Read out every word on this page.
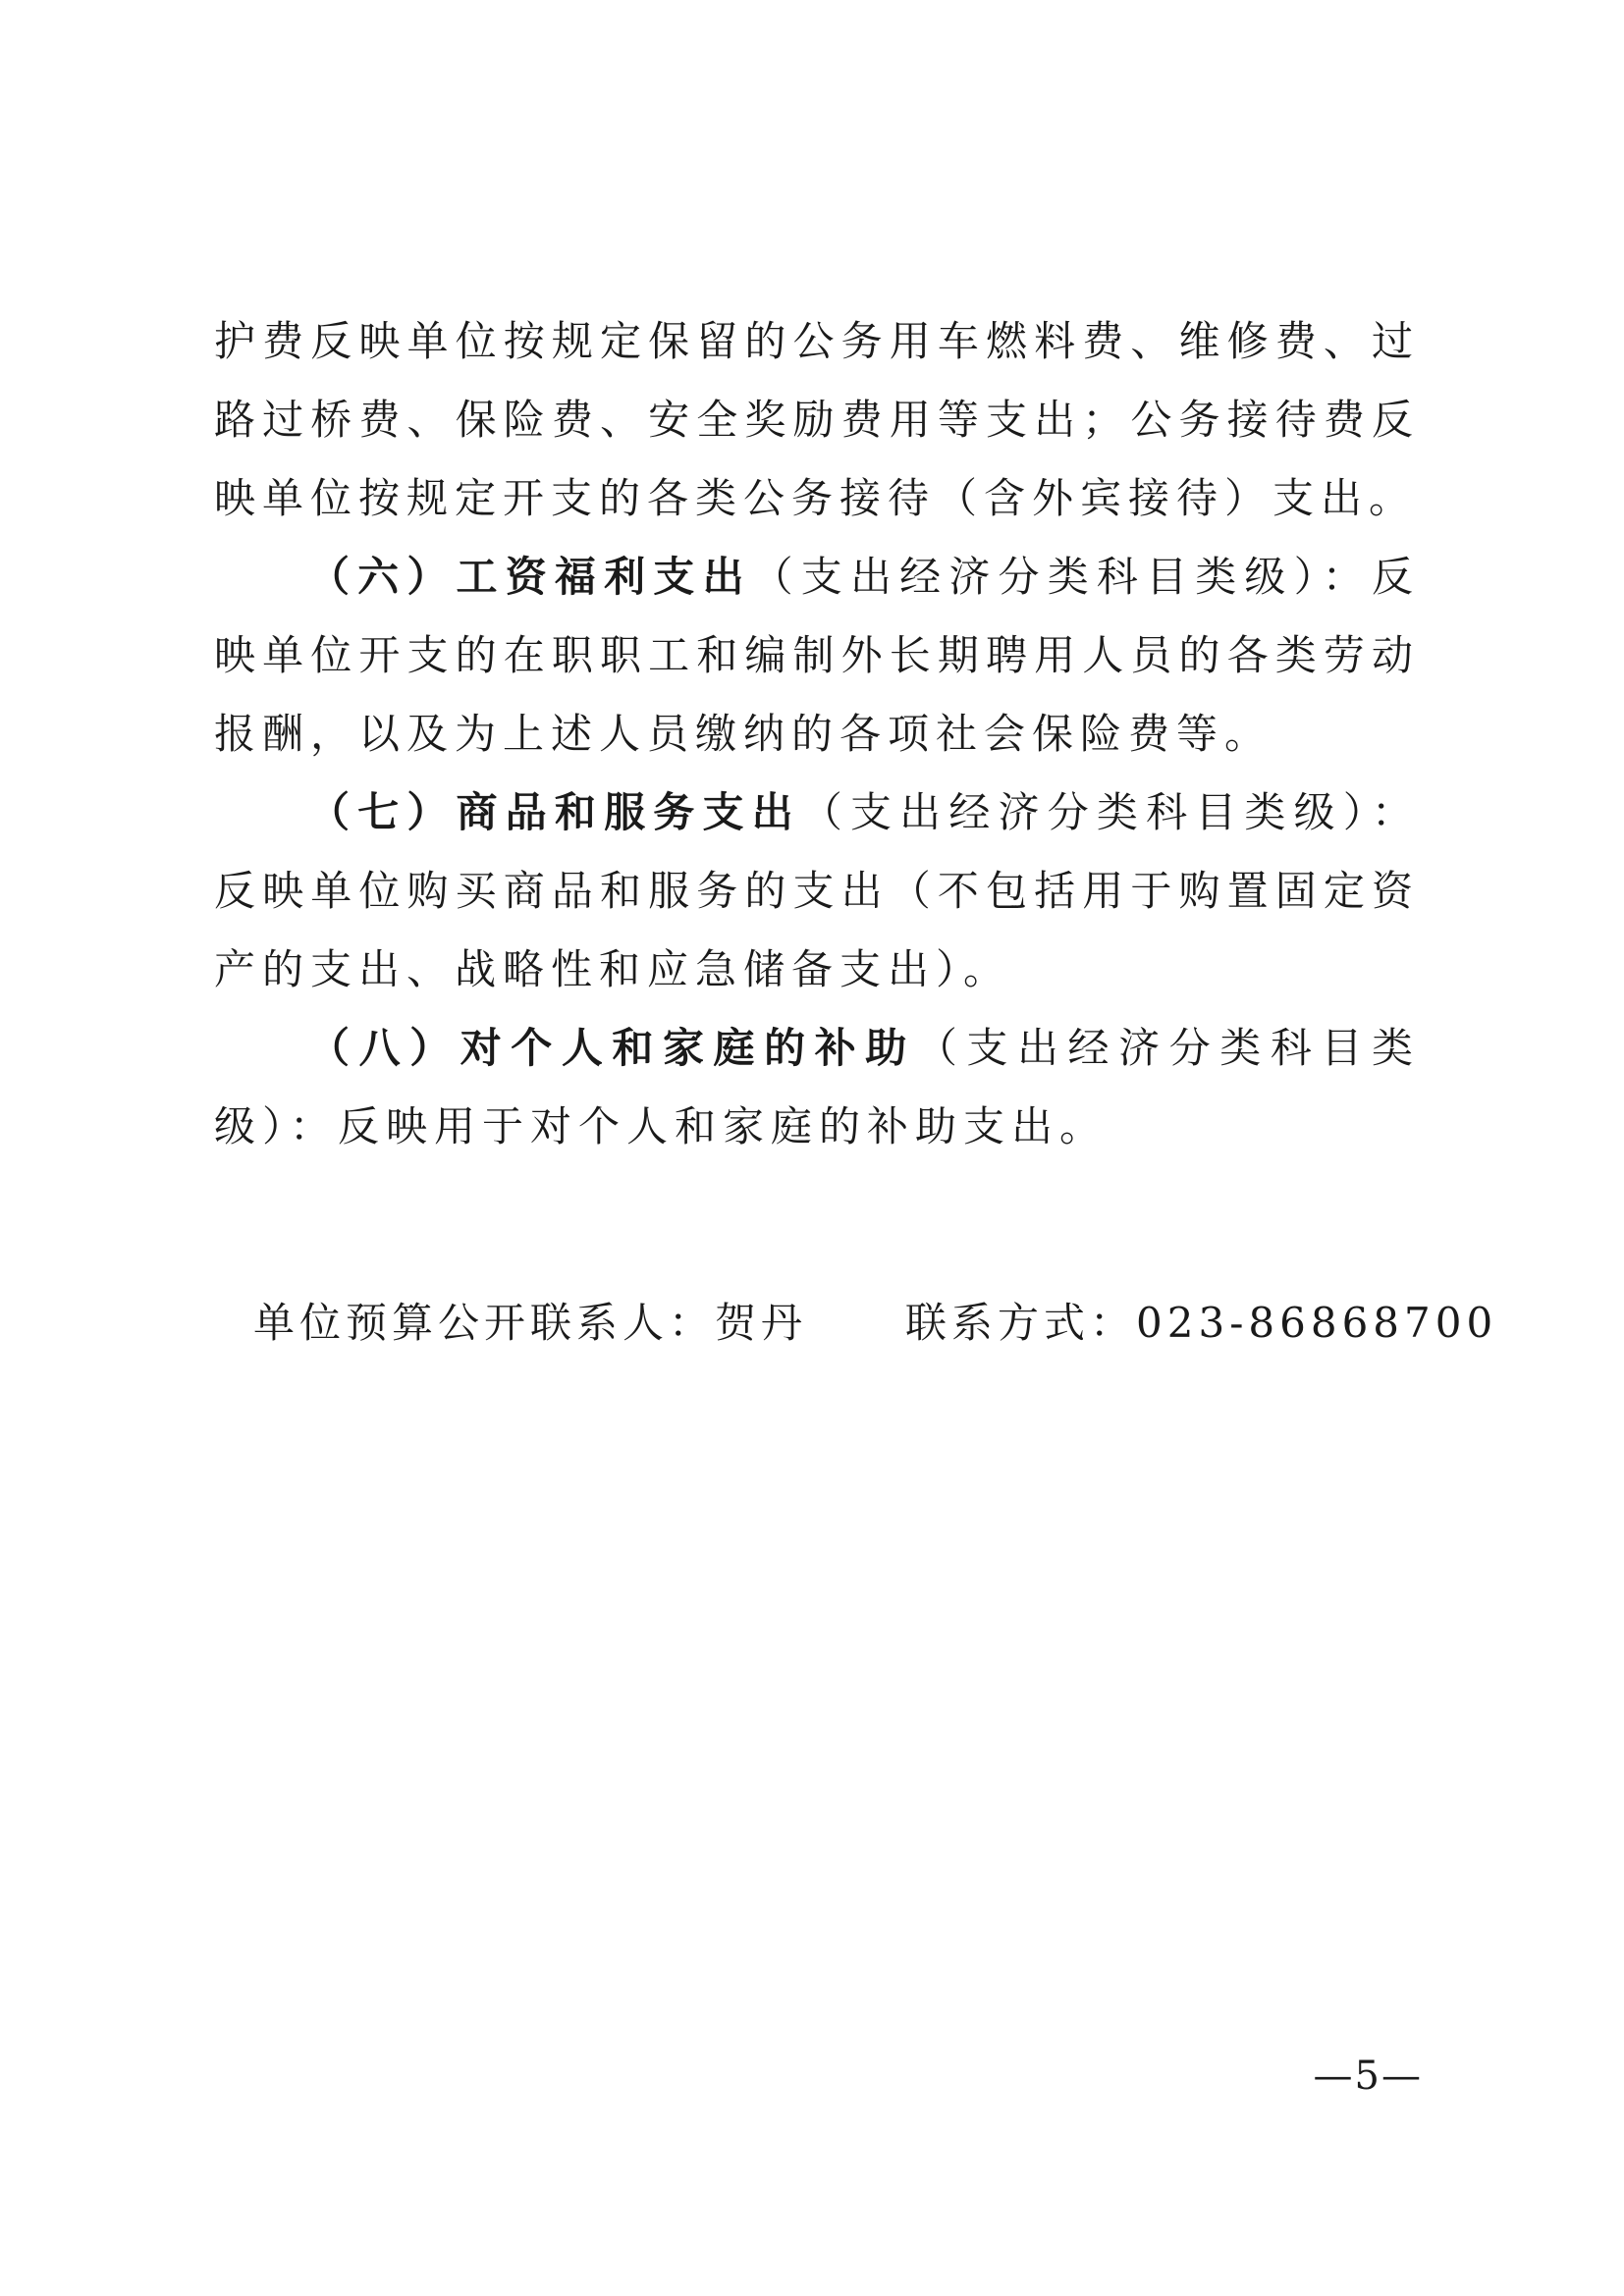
护费反映单位按规定保留的公务用车燃料费、维修费、过路过桥费、保险费、安全奖励费用等支出；公务接待费反映单位按规定开支的各类公务接待（含外宾接待）支出。

（六）工资福利支出（支出经济分类科目类级）：反映单位开支的在职职工和编制外长期聘用人员的各类劳动报酬，以及为上述人员缴纳的各项社会保险费等。

（七）商品和服务支出（支出经济分类科目类级）：反映单位购买商品和服务的支出（不包括用于购置固定资产的支出、战略性和应急储备支出）。

（八）对个人和家庭的补助（支出经济分类科目类级）：反映用于对个人和家庭的补助支出。

单位预算公开联系人：贺丹 联系方式：023-86868700
—5—
